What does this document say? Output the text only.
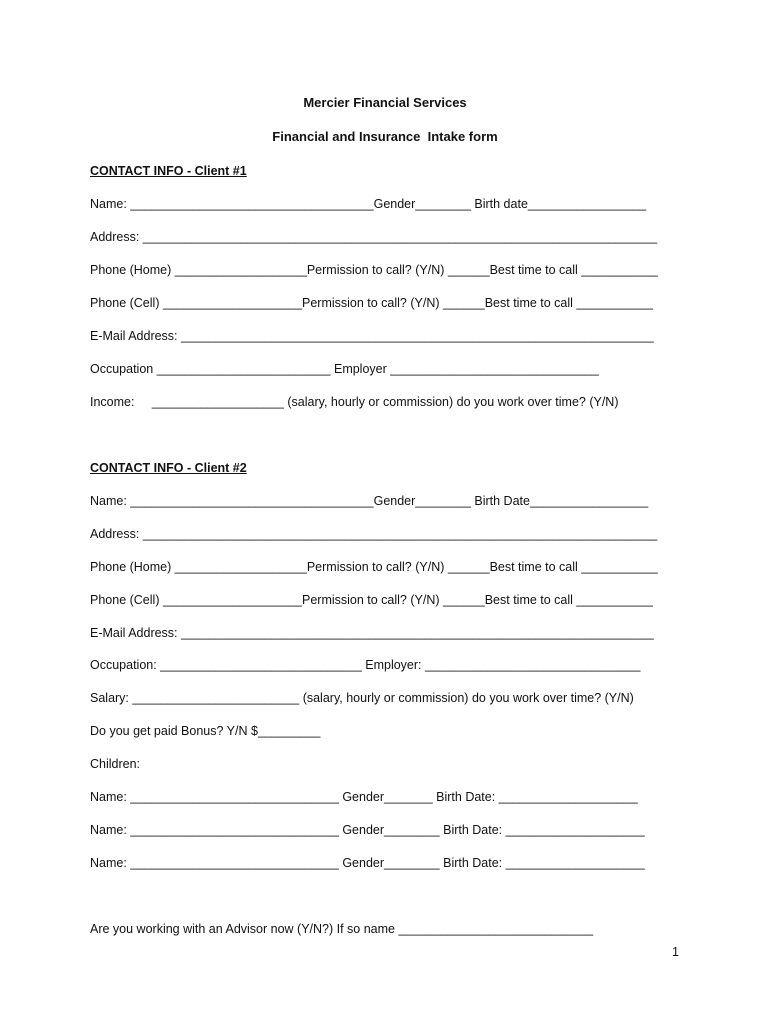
Mercier Financial Services
Financial and Insurance  Intake form
CONTACT INFO - Client #1
Name: ___________________________________Gender________ Birth date_________________
Address: __________________________________________________________________________
Phone (Home) ___________________Permission to call? (Y/N) ______Best time to call ___________
Phone (Cell) ____________________Permission to call? (Y/N) ______Best time to call ___________
E-Mail Address: ____________________________________________________________________
Occupation _________________________ Employer ______________________________
Income:     ___________________ (salary, hourly or commission) do you work over time? (Y/N)
CONTACT INFO - Client #2
Name: ___________________________________Gender________ Birth Date_________________
Address: __________________________________________________________________________
Phone (Home) ___________________Permission to call? (Y/N) ______Best time to call ___________
Phone (Cell) ____________________Permission to call? (Y/N) ______Best time to call ___________
E-Mail Address: ____________________________________________________________________
Occupation: _____________________________ Employer: _______________________________
Salary: ________________________ (salary, hourly or commission) do you work over time? (Y/N)
Do you get paid Bonus? Y/N $_________
Children:
Name: ______________________________ Gender_______ Birth Date: ____________________
Name: ______________________________ Gender________ Birth Date: ____________________
Name: ______________________________ Gender________ Birth Date: ____________________
Are you working with an Advisor now (Y/N?) If so name ____________________________
1
